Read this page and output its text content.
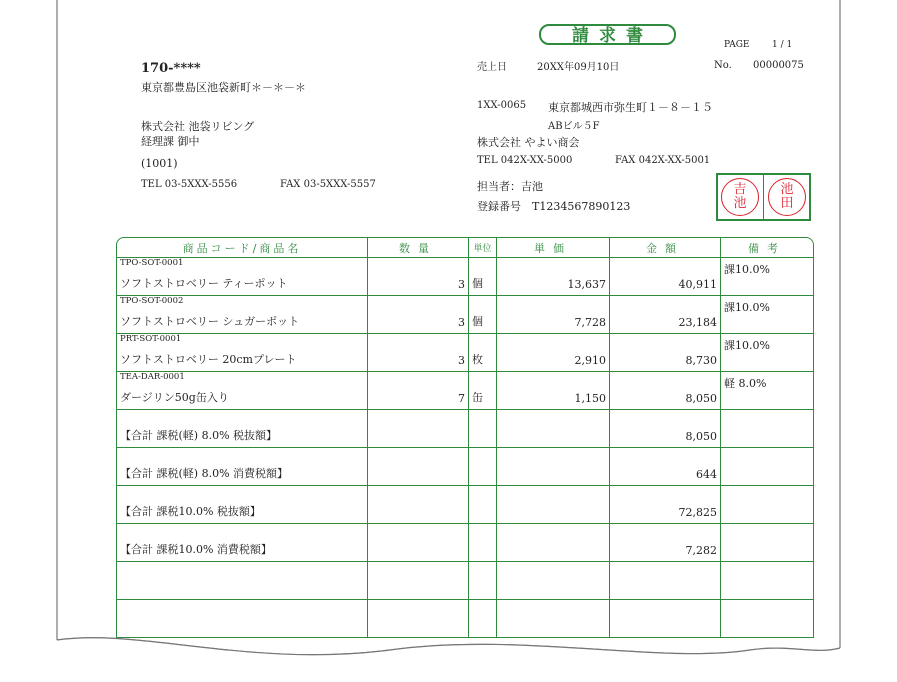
請求書	PAGE	1 / 1
170-****
東京都豊島区池袋新町＊－＊－＊
株式会社 池袋リビング
経理課 御中
(1001)
TEL 03-5XXX-5556	FAX 03-5XXX-5557
売上日	20XX年09月10日	No. 00000075
1XX-0065 東京都城西市弥生町１－８－１５
ABビル５F
株式会社 やよい商会
TEL 042X-XX-5000	FAX 042X-XX-5001
担当者：吉池
登録番号　T1234567890123
吉
池
池
田
商品コード/商品名	数量	単位	単価	金額	備考

TPO-SOT-0001
ソフトストロベリー ティーポット	3	個	13,637	40,911	課10.0%

TPO-SOT-0002
ソフトストロベリー シュガーポット	3	個	7,728	23,184	課10.0%

PRT-SOT-0001
ソフトストロベリー 20cmプレート	3	枚	2,910	8,730	課10.0%

TEA-DAR-0001
ダージリン50g缶入り	7	缶	1,150	8,050	軽 8.0%

【合計 課税(軽) 8.0% 税抜額】				8,050	

【合計 課税(軽) 8.0% 消費税額】				644	

【合計 課税10.0% 税抜額】				72,825	

【合計 課税10.0% 消費税額】				7,282	
